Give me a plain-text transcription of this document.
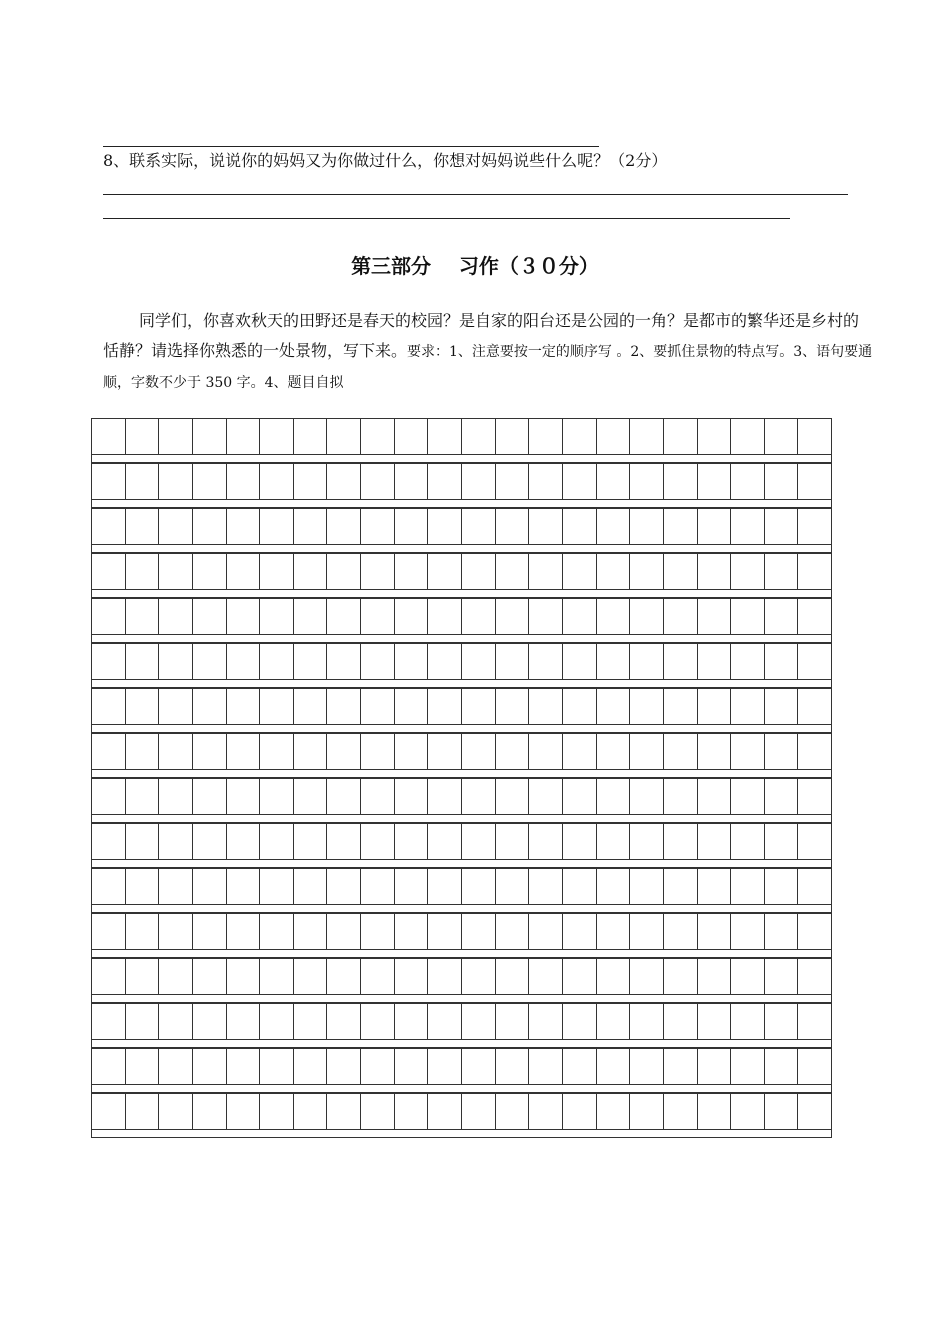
8、联系实际，说说你的妈妈又为你做过什么，你想对妈妈说些什么呢？（2分）
第三部分    习作（３０分）
同学们，你喜欢秋天的田野还是春天的校园？是自家的阳台还是公园的一角？是都市的繁华还是乡村的恬静？请选择你熟悉的一处景物，写下来。要求：1、注意要按一定的顺序写 。2、要抓住景物的特点写。3、语句要通顺，字数不少于 350 字。4、题目自拟
